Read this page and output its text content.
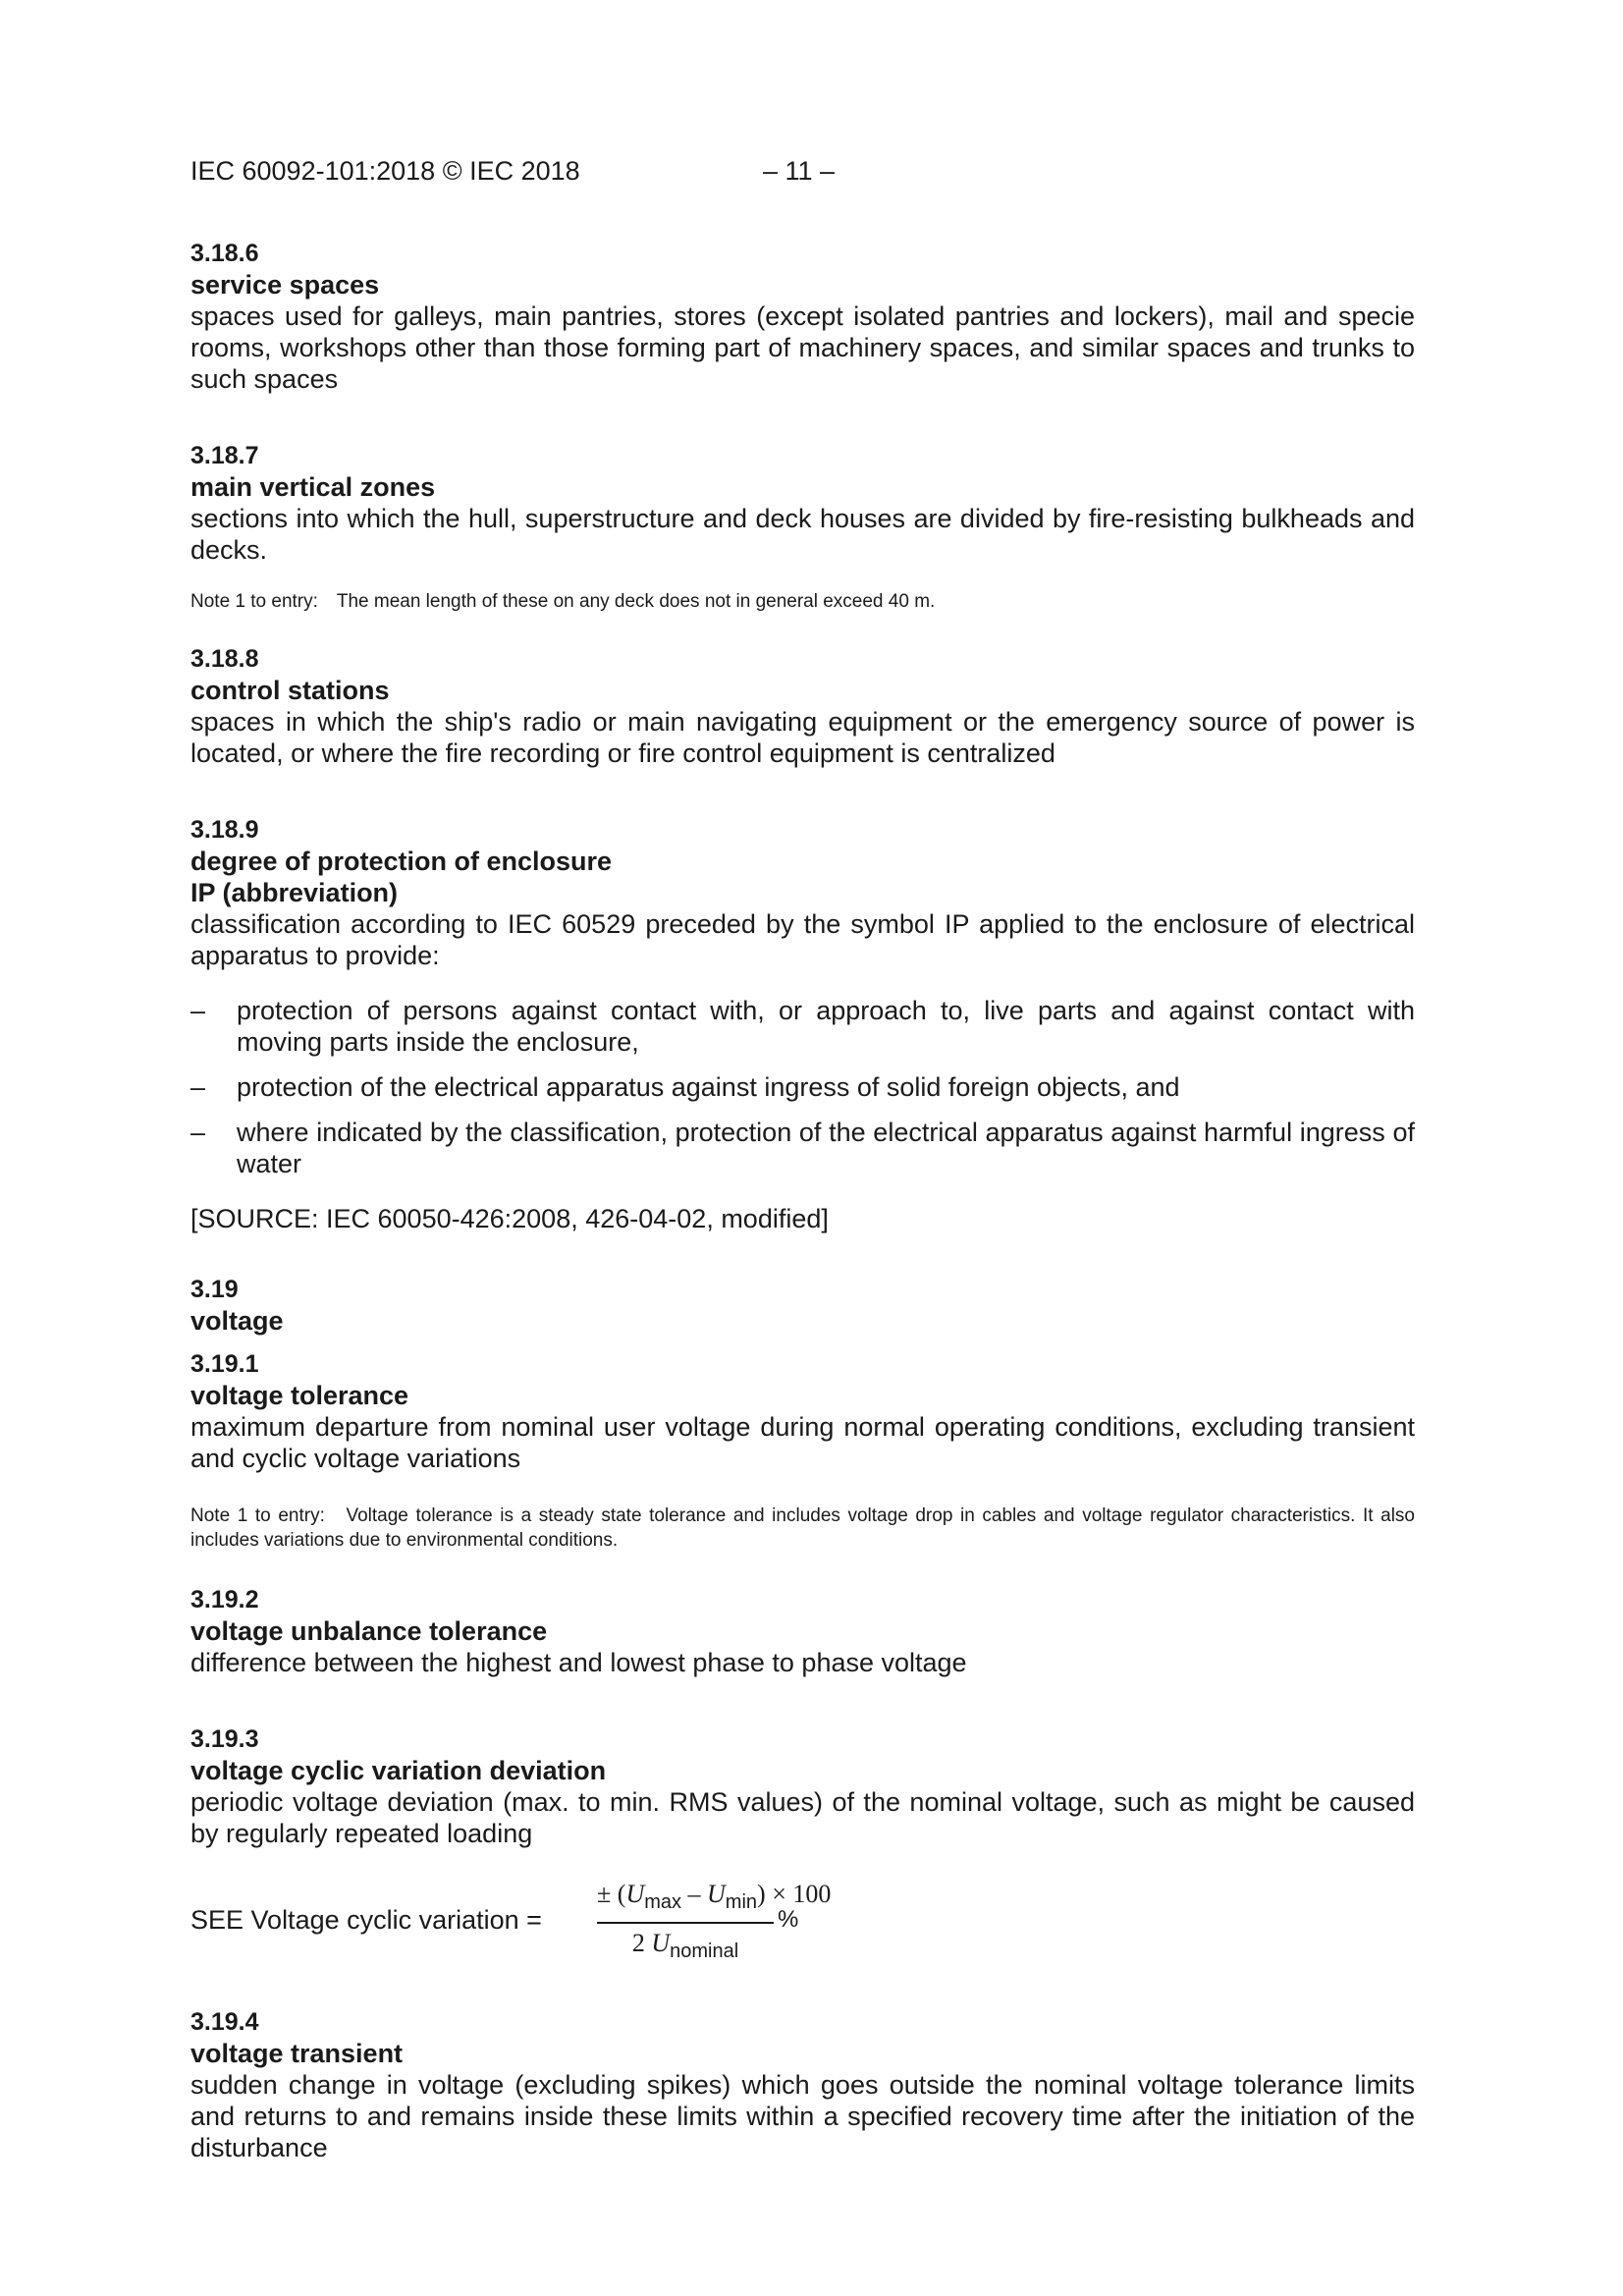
IEC 60092-101:2018 © IEC 2018	– 11 –
3.18.6
service spaces
spaces used for galleys, main pantries, stores (except isolated pantries and lockers), mail and specie rooms, workshops other than those forming part of machinery spaces, and similar spaces and trunks to such spaces
3.18.7
main vertical zones
sections into which the hull, superstructure and deck houses are divided by fire-resisting bulkheads and decks.
Note 1 to entry: The mean length of these on any deck does not in general exceed 40 m.
3.18.8
control stations
spaces in which the ship's radio or main navigating equipment or the emergency source of power is located, or where the fire recording or fire control equipment is centralized
3.18.9
degree of protection of enclosure
IP (abbreviation)
classification according to IEC 60529 preceded by the symbol IP applied to the enclosure of electrical apparatus to provide:
– protection of persons against contact with, or approach to, live parts and against contact with moving parts inside the enclosure,
– protection of the electrical apparatus against ingress of solid foreign objects, and
– where indicated by the classification, protection of the electrical apparatus against harmful ingress of water
[SOURCE: IEC 60050-426:2008, 426-04-02, modified]
3.19
voltage
3.19.1
voltage tolerance
maximum departure from nominal user voltage during normal operating conditions, excluding transient and cyclic voltage variations
Note 1 to entry: Voltage tolerance is a steady state tolerance and includes voltage drop in cables and voltage regulator characteristics. It also includes variations due to environmental conditions.
3.19.2
voltage unbalance tolerance
difference between the highest and lowest phase to phase voltage
3.19.3
voltage cyclic variation deviation
periodic voltage deviation (max. to min. RMS values) of the nominal voltage, such as might be caused by regularly repeated loading
SEE Voltage cyclic variation =
± $(U_{max} - U_{min}) \times 100$
2 $U_{nominal}$
%
3.19.4
voltage transient
sudden change in voltage (excluding spikes) which goes outside the nominal voltage tolerance limits and returns to and remains inside these limits within a specified recovery time after the initiation of the disturbance
